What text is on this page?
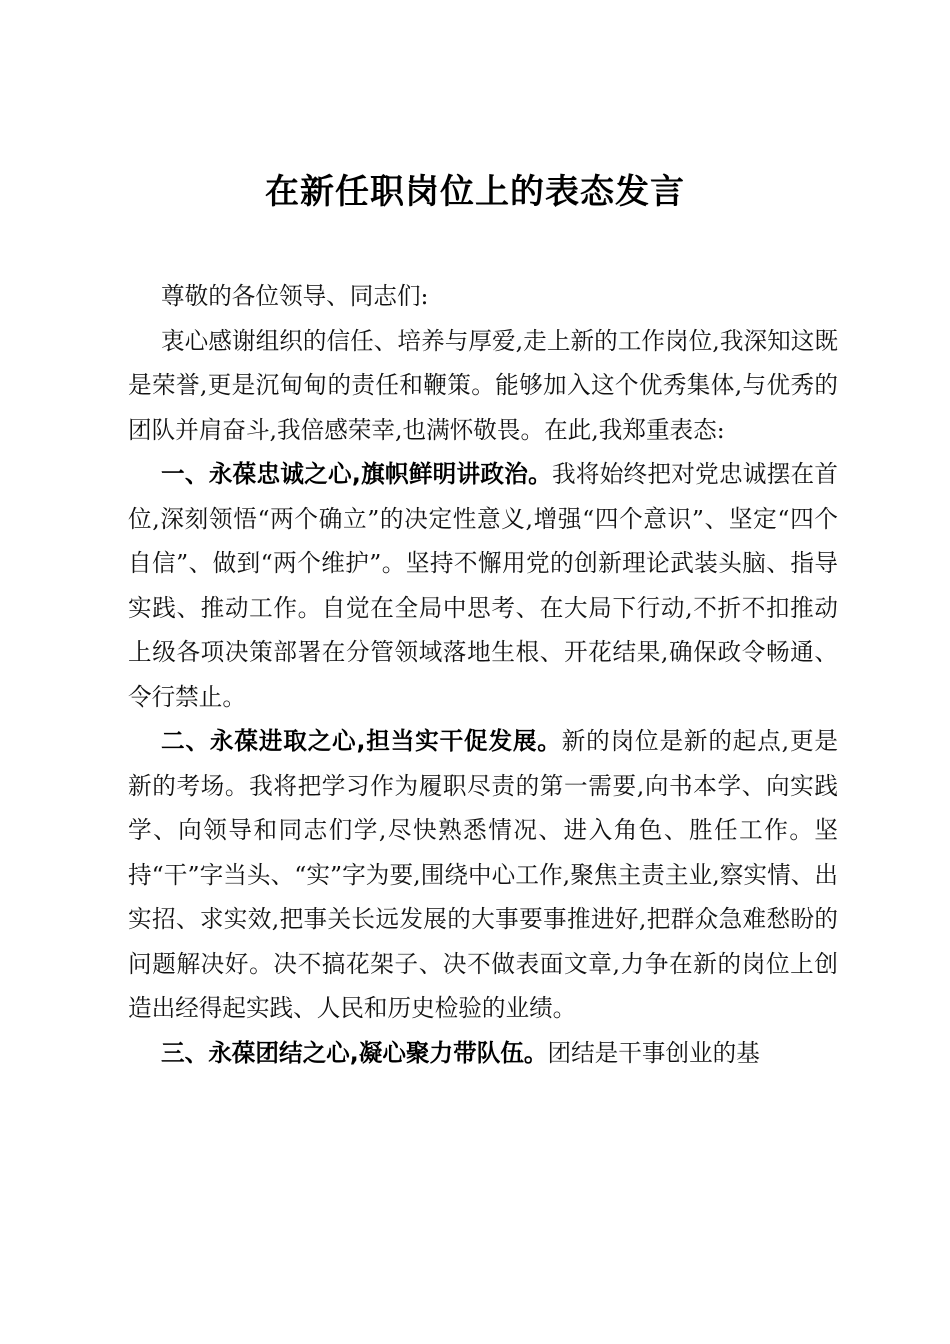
在新任职岗位上的表态发言

尊敬的各位领导、同志们:

衷心感谢组织的信任、培养与厚爱,走上新的工作岗位,我深知这既是荣誉,更是沉甸甸的责任和鞭策。能够加入这个优秀集体,与优秀的团队并肩奋斗,我倍感荣幸,也满怀敬畏。在此,我郑重表态:

一、永葆忠诚之心,旗帜鲜明讲政治。我将始终把对党忠诚摆在首位,深刻领悟“两个确立”的决定性意义,增强“四个意识”、坚定“四个自信”、做到“两个维护”。坚持不懈用党的创新理论武装头脑、指导实践、推动工作。自觉在全局中思考、在大局下行动,不折不扣推动上级各项决策部署在分管领域落地生根、开花结果,确保政令畅通、令行禁止。

二、永葆进取之心,担当实干促发展。新的岗位是新的起点,更是新的考场。我将把学习作为履职尽责的第一需要,向书本学、向实践学、向领导和同志们学,尽快熟悉情况、进入角色、胜任工作。坚持“干”字当头、“实”字为要,围绕中心工作,聚焦主责主业,察实情、出实招、求实效,把事关长远发展的大事要事推进好,把群众急难愁盼的问题解决好。决不搞花架子、决不做表面文章,力争在新的岗位上创造出经得起实践、人民和历史检验的业绩。

三、永葆团结之心,凝心聚力带队伍。团结是干事创业的基
